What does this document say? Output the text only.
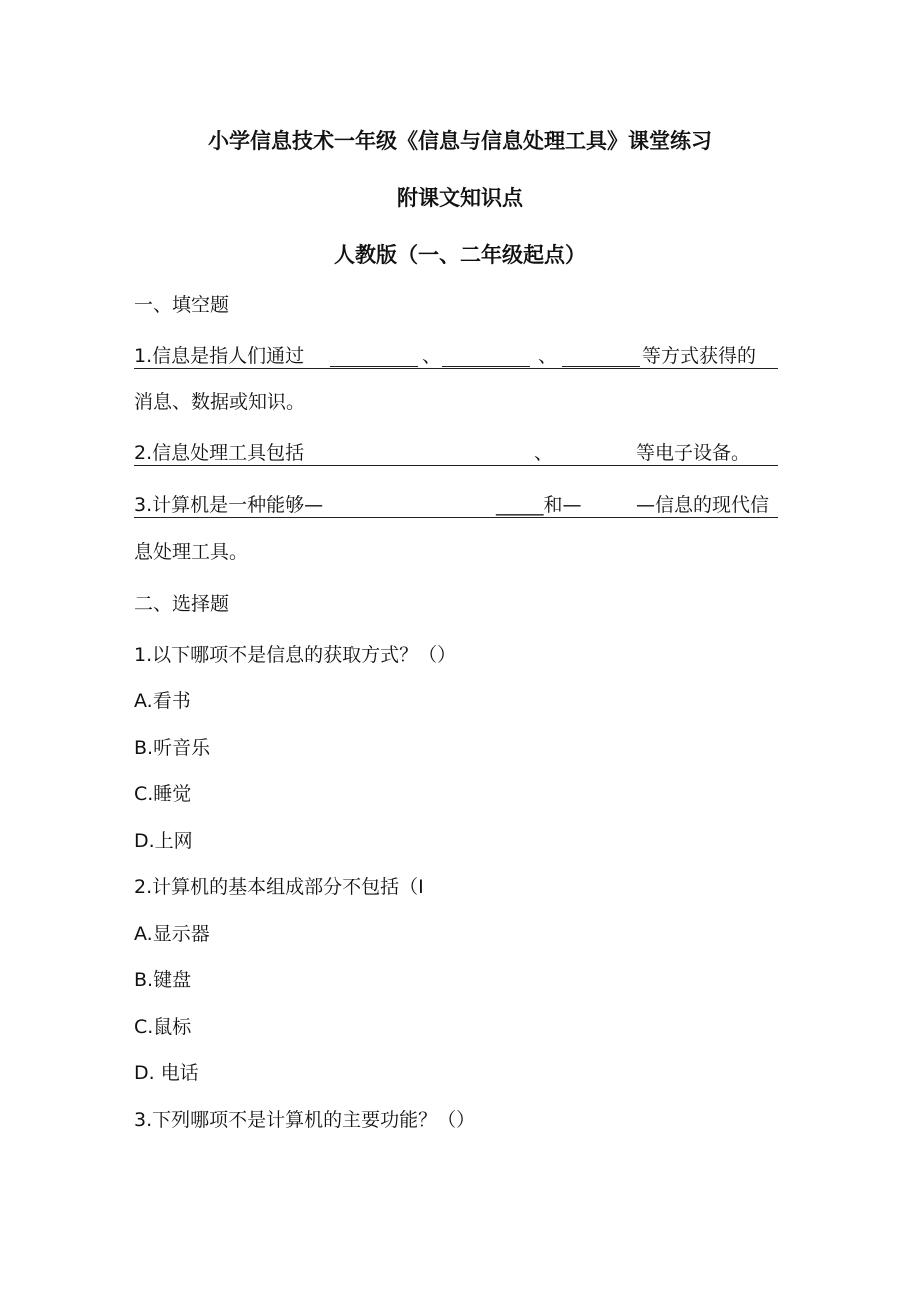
小学信息技术一年级《信息与信息处理工具》课堂练习
附课文知识点
人教版（一、二年级起点）
一、填空题
1.信息是指人们通过	、	、	等方式获得的
消息、数据或知识。
2.信息处理工具包括	、	等电子设备。
3.计算机是一种能够—	_____和—	—信息的现代信
息处理工具。
二、选择题
1.以下哪项不是信息的获取方式？（）
A.看书
B.听音乐
C.睡觉
D.上网
2.计算机的基本组成部分不包括（I
A.显示器
B.键盘
C.鼠标
D. 电话
3.下列哪项不是计算机的主要功能？（）
